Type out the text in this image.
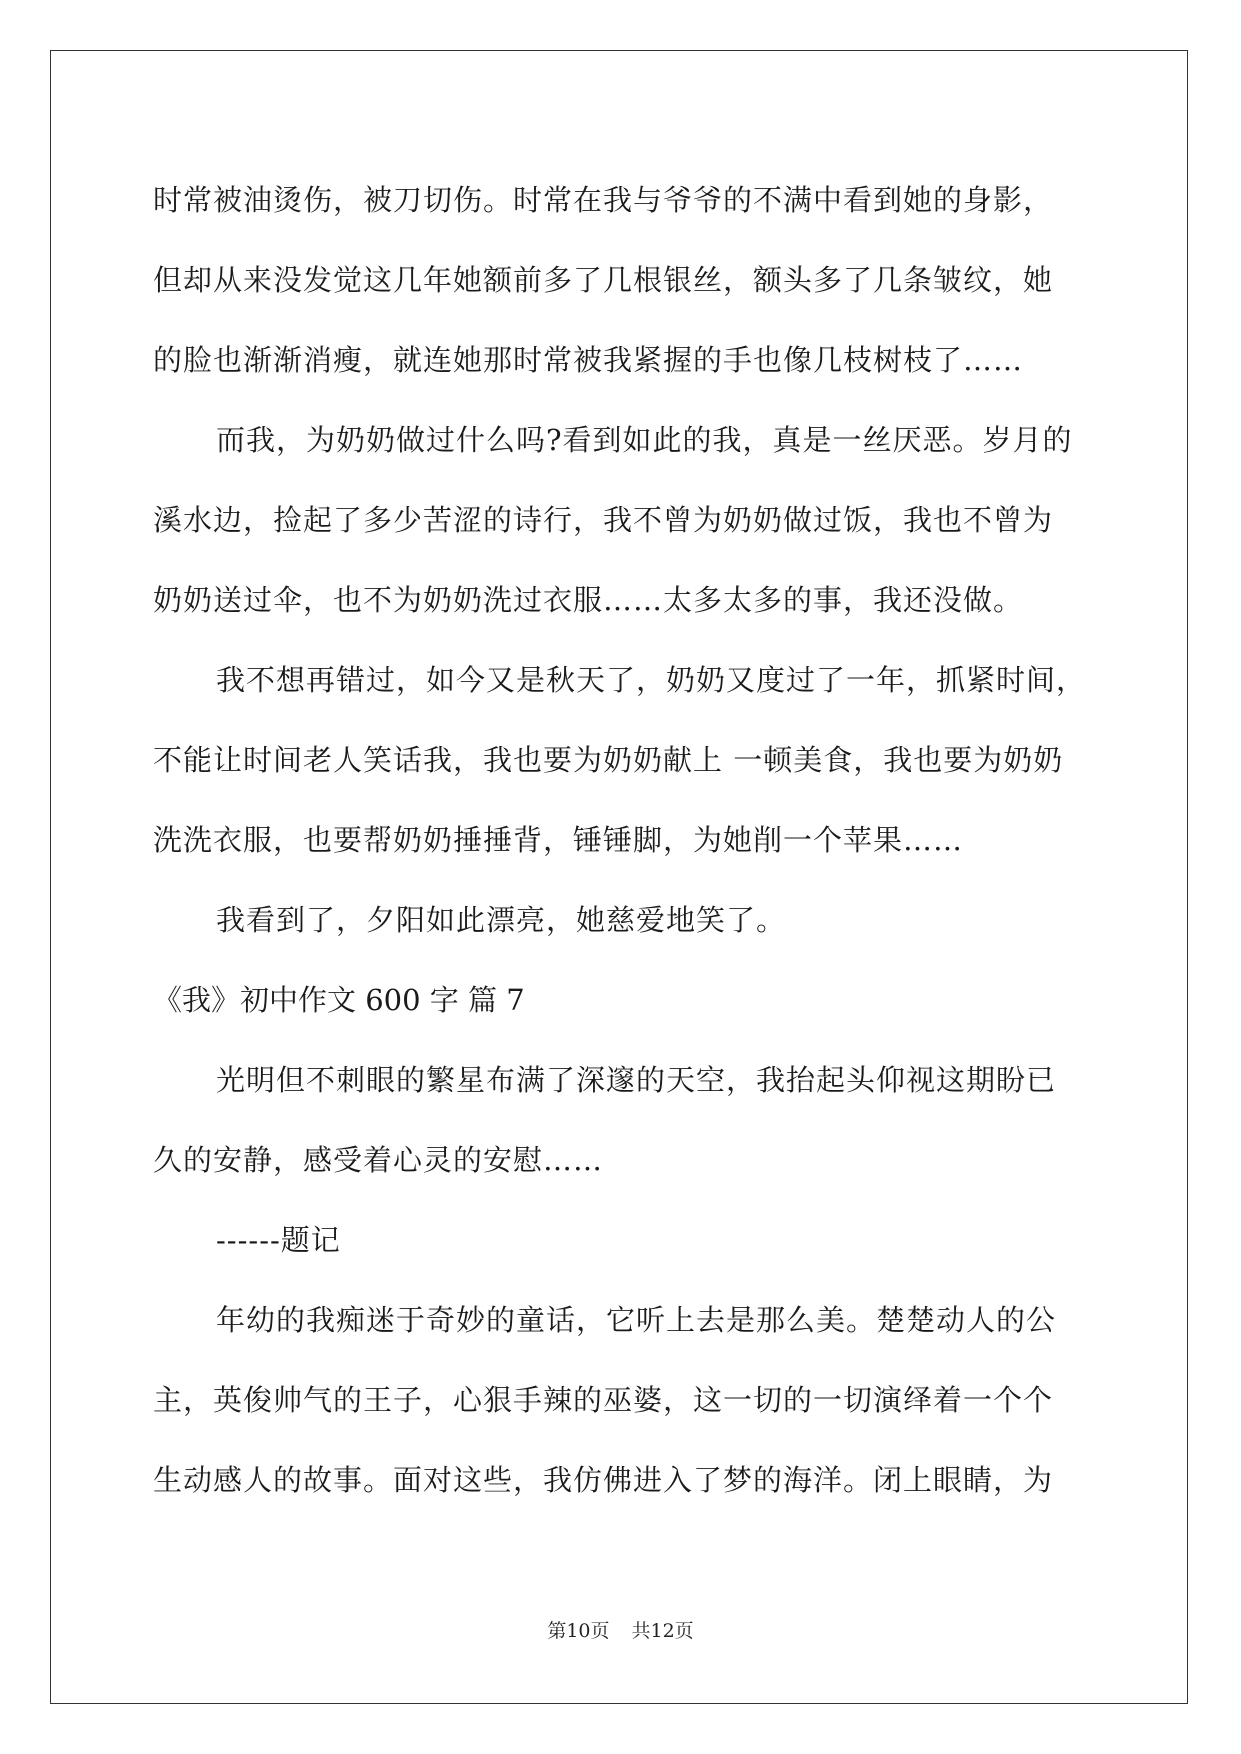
时常被油烫伤，被刀切伤。时常在我与爷爷的不满中看到她的身影，
但却从来没发觉这几年她额前多了几根银丝，额头多了几条皱纹，她
的脸也渐渐消瘦，就连她那时常被我紧握的手也像几枝树枝了……
而我，为奶奶做过什么吗?看到如此的我，真是一丝厌恶。岁月的
溪水边，捡起了多少苦涩的诗行，我不曾为奶奶做过饭，我也不曾为
奶奶送过伞，也不为奶奶洗过衣服……太多太多的事，我还没做。
我不想再错过，如今又是秋天了，奶奶又度过了一年，抓紧时间，
不能让时间老人笑话我，我也要为奶奶献上 一顿美食，我也要为奶奶
洗洗衣服，也要帮奶奶捶捶背，锤锤脚，为她削一个苹果……
我看到了，夕阳如此漂亮，她慈爱地笑了。
《我》初中作文 600 字 篇 7
光明但不刺眼的繁星布满了深邃的天空，我抬起头仰视这期盼已
久的安静，感受着心灵的安慰……
------题记
年幼的我痴迷于奇妙的童话，它听上去是那么美。楚楚动人的公
主，英俊帅气的王子，心狠手辣的巫婆，这一切的一切演绎着一个个
生动感人的故事。面对这些，我仿佛进入了梦的海洋。闭上眼睛，为
第10页 共12页
